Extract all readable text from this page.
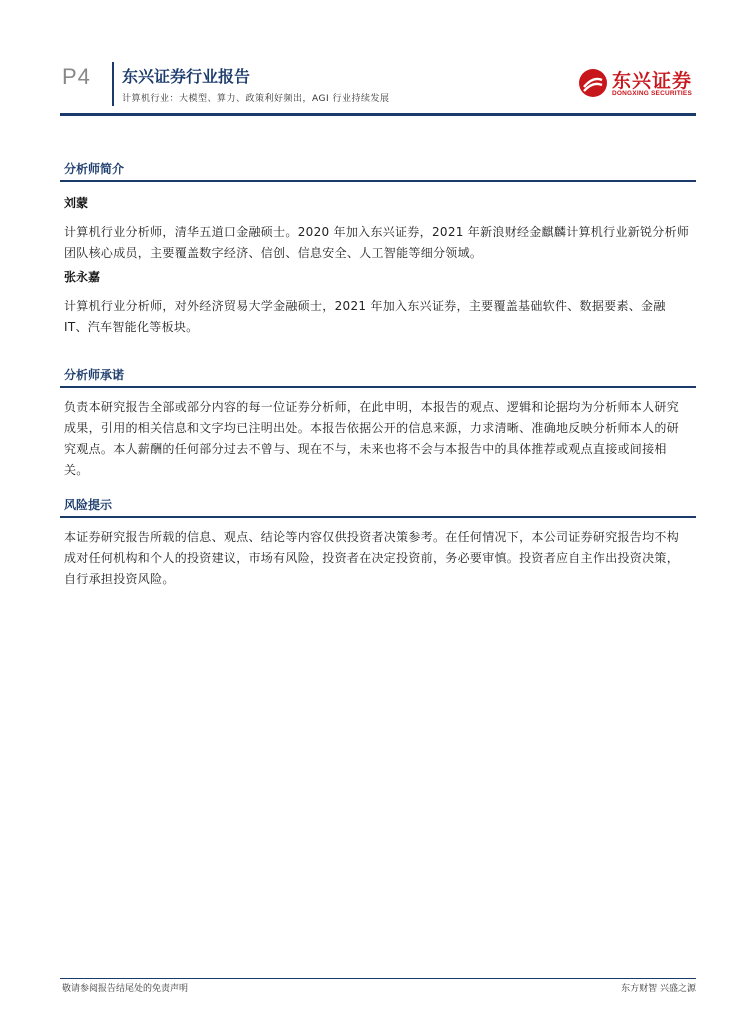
P4 东兴证券行业报告
计算机行业：大模型、算力、政策利好频出，AGI 行业持续发展
东兴证券
DONGXING SECURITIES
分析师简介
刘蒙

计算机行业分析师，清华五道口金融硕士。2020 年加入东兴证券，2021 年新浪财经金麒麟计算机行业新锐分析师团队核心成员，主要覆盖数字经济、信创、信息安全、人工智能等细分领域。

张永嘉

计算机行业分析师，对外经济贸易大学金融硕士，2021 年加入东兴证券，主要覆盖基础软件、数据要素、金融 IT、汽车智能化等板块。

分析师承诺

负责本研究报告全部或部分内容的每一位证券分析师，在此申明，本报告的观点、逻辑和论据均为分析师本人研究成果，引用的相关信息和文字均已注明出处。本报告依据公开的信息来源，力求清晰、准确地反映分析师本人的研究观点。本人薪酬的任何部分过去不曾与、现在不与，未来也将不会与本报告中的具体推荐或观点直接或间接相关。

风险提示

本证券研究报告所载的信息、观点、结论等内容仅供投资者决策参考。在任何情况下，本公司证券研究报告均不构成对任何机构和个人的投资建议，市场有风险，投资者在决定投资前，务必要审慎。投资者应自主作出投资决策，自行承担投资风险。

敬请参阅报告结尾处的免责声明	东方财智 兴盛之源
